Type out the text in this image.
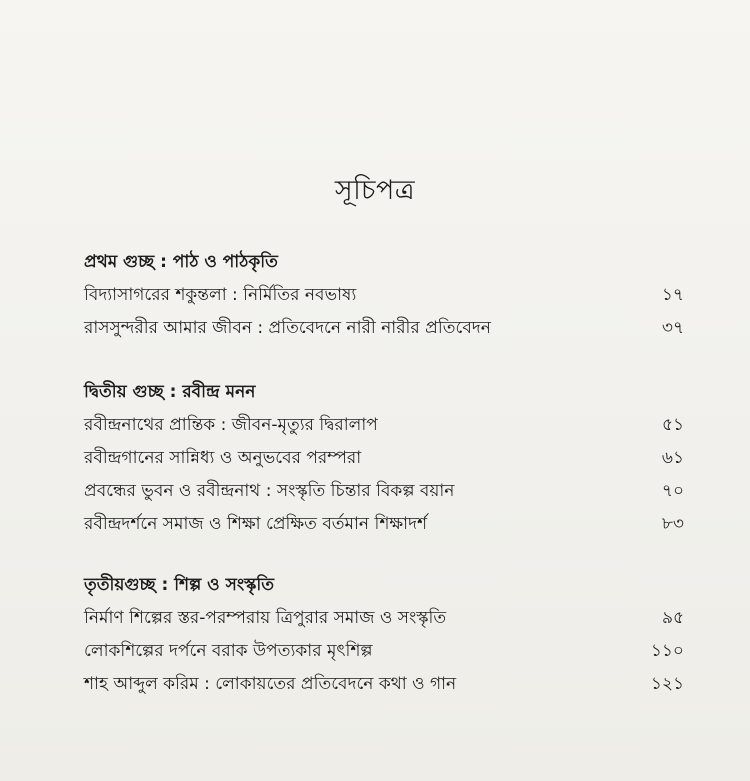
সূচিপত্র
প্রথম গুচ্ছ : পাঠ ও পাঠকৃতি
বিদ্যাসাগরের শকুন্তলা : নির্মিতির নবভাষ্য	১৭
রাসসুন্দরীর আমার জীবন : প্রতিবেদনে নারী নারীর প্রতিবেদন	৩৭
দ্বিতীয় গুচ্ছ : রবীন্দ্র মনন
রবীন্দ্রনাথের প্রান্তিক : জীবন-মৃত্যুর দ্বিরালাপ	৫১
রবীন্দ্রগানের সান্নিধ্য ও অনুভবের পরম্পরা	৬১
প্রবন্ধের ভুবন ও রবীন্দ্রনাথ : সংস্কৃতি চিন্তার বিকল্প বয়ান	৭০
রবীন্দ্রদর্শনে সমাজ ও শিক্ষা প্রেক্ষিত বর্তমান শিক্ষাদর্শ	৮৩
তৃতীয়গুচ্ছ : শিল্প ও সংস্কৃতি
নির্মাণ শিল্পের স্তর-পরম্পরায় ত্রিপুরার সমাজ ও সংস্কৃতি	৯৫
লোকশিল্পের দর্পনে বরাক উপত্যকার মৃৎশিল্প	১১০
শাহ আব্দুল করিম : লোকায়তের প্রতিবেদনে কথা ও গান	১২১
